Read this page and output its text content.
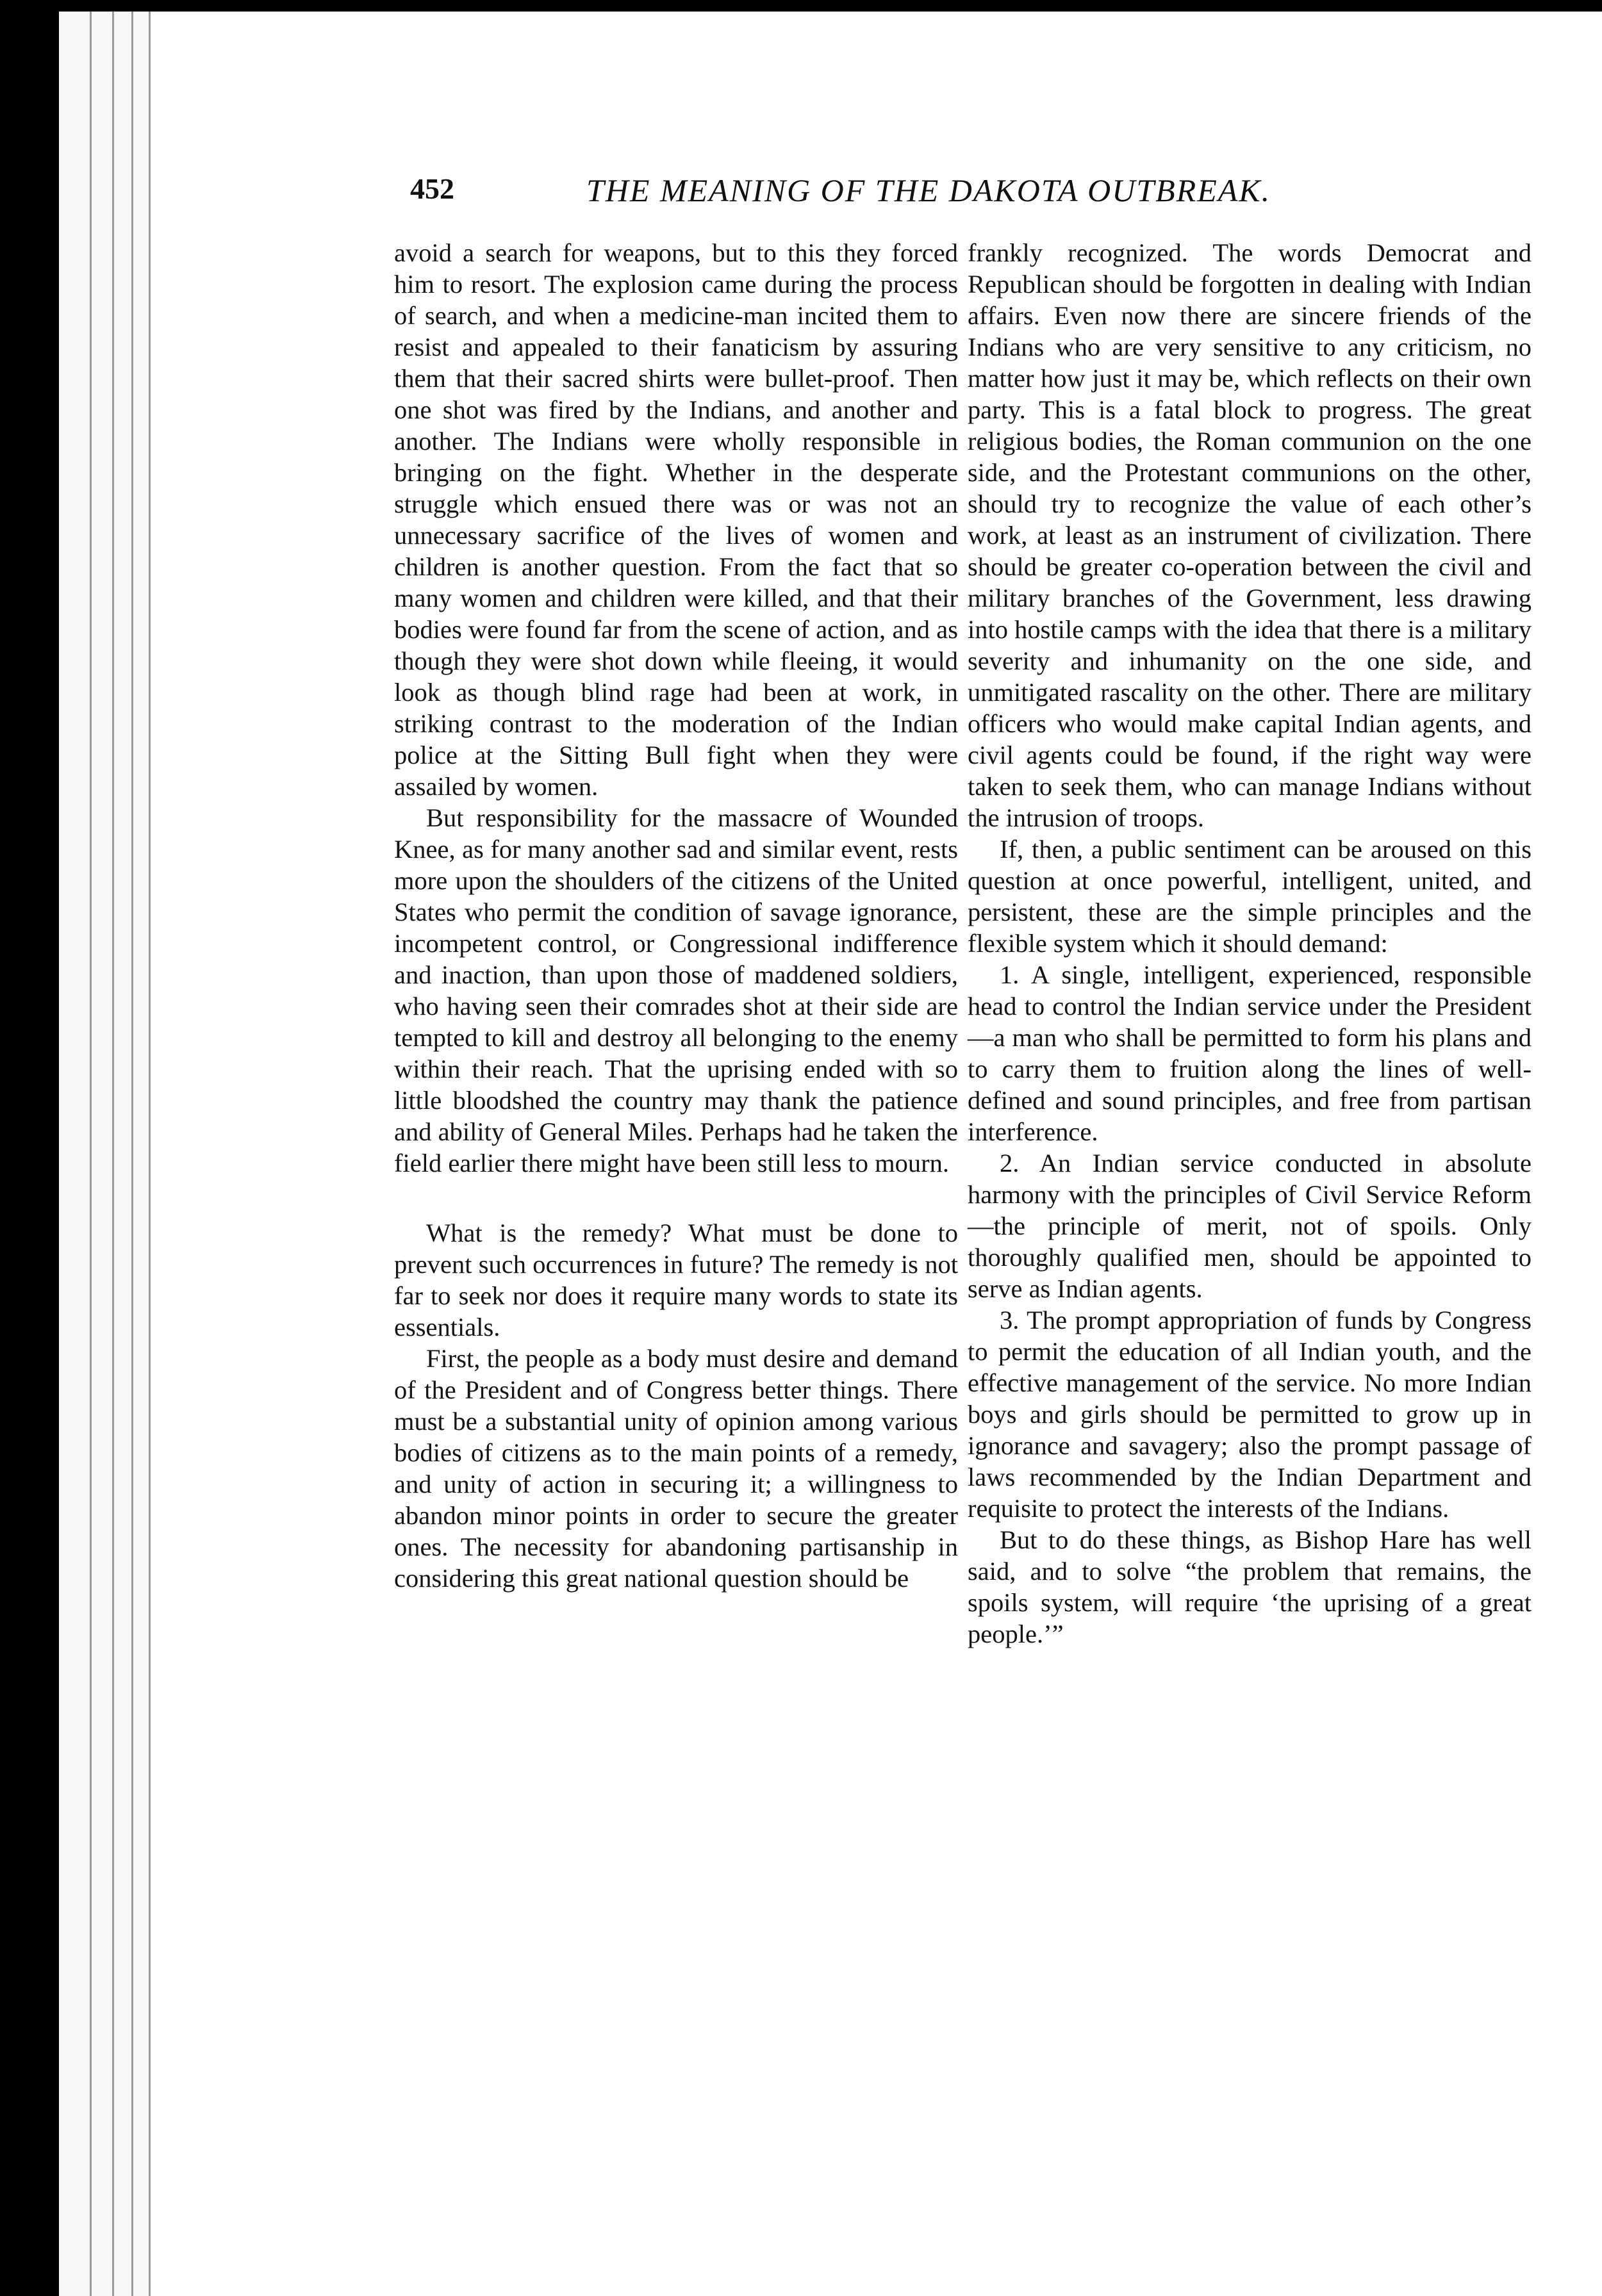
452	THE MEANING OF THE DAKOTA OUTBREAK.

avoid a search for weapons, but to this they forced him to resort. The explosion came during the process of search, and when a medicine-man incited them to resist and appealed to their fanaticism by assuring them that their sacred shirts were bullet-proof. Then one shot was fired by the Indians, and another and another. The Indians were wholly responsible in bringing on the fight. Whether in the desperate struggle which ensued there was or was not an unnecessary sacrifice of the lives of women and children is another question. From the fact that so many women and children were killed, and that their bodies were found far from the scene of action, and as though they were shot down while fleeing, it would look as though blind rage had been at work, in striking contrast to the moderation of the Indian police at the Sitting Bull fight when they were assailed by women.

But responsibility for the massacre of Wounded Knee, as for many another sad and similar event, rests more upon the shoulders of the citizens of the United States who permit the condition of savage ignorance, incompetent control, or Congressional indifference and inaction, than upon those of maddened soldiers, who having seen their comrades shot at their side are tempted to kill and destroy all belonging to the enemy within their reach. That the uprising ended with so little bloodshed the country may thank the patience and ability of General Miles. Perhaps had he taken the field earlier there might have been still less to mourn.

What is the remedy? What must be done to prevent such occurrences in future? The remedy is not far to seek nor does it require many words to state its essentials.

First, the people as a body must desire and demand of the President and of Congress better things. There must be a substantial unity of opinion among various bodies of citizens as to the main points of a remedy, and unity of action in securing it; a willingness to abandon minor points in order to secure the greater ones. The necessity for abandoning partisanship in considering this great national question should be

frankly recognized. The words Democrat and Republican should be forgotten in dealing with Indian affairs. Even now there are sincere friends of the Indians who are very sensitive to any criticism, no matter how just it may be, which reflects on their own party. This is a fatal block to progress. The great religious bodies, the Roman communion on the one side, and the Protestant communions on the other, should try to recognize the value of each other’s work, at least as an instrument of civilization. There should be greater co-operation between the civil and military branches of the Government, less drawing into hostile camps with the idea that there is a military severity and inhumanity on the one side, and unmitigated rascality on the other. There are military officers who would make capital Indian agents, and civil agents could be found, if the right way were taken to seek them, who can manage Indians without the intrusion of troops.

If, then, a public sentiment can be aroused on this question at once powerful, intelligent, united, and persistent, these are the simple principles and the flexible system which it should demand:

1. A single, intelligent, experienced, responsible head to control the Indian service under the President—a man who shall be permitted to form his plans and to carry them to fruition along the lines of well-defined and sound principles, and free from partisan interference.

2. An Indian service conducted in absolute harmony with the principles of Civil Service Reform—the principle of merit, not of spoils. Only thoroughly qualified men, should be appointed to serve as Indian agents.

3. The prompt appropriation of funds by Congress to permit the education of all Indian youth, and the effective management of the service. No more Indian boys and girls should be permitted to grow up in ignorance and savagery; also the prompt passage of laws recommended by the Indian Department and requisite to protect the interests of the Indians.

But to do these things, as Bishop Hare has well said, and to solve “the problem that remains, the spoils system, will require ‘the uprising of a great people.’”
